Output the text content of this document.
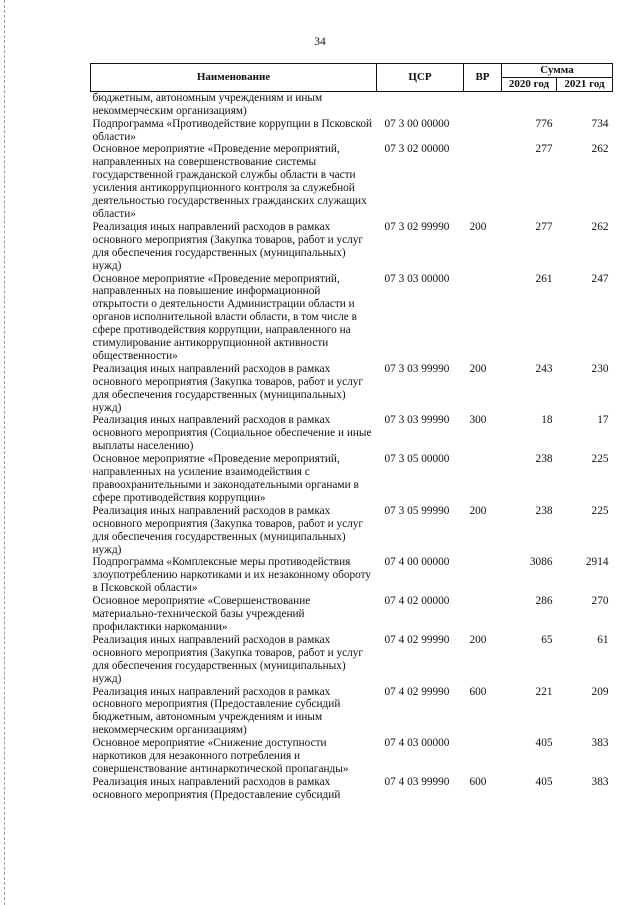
34
Наименование	ЦСР	ВР	Сумма	
			2020 год	2021 год
бюджетным, автономным учреждениям и иным некоммерческим организациям)				
Подпрограмма «Противодействие коррупции в Псковской области»	07 3 00 00000		776	734
Основное мероприятие «Проведение мероприятий, направленных на совершенствование системы государственной гражданской службы области в части усиления антикоррупционного контроля за служебной деятельностью государственных гражданских служащих области»	07 3 02 00000		277	262
Реализация иных направлений расходов в рамках основного мероприятия (Закупка товаров, работ и услуг для обеспечения государственных (муниципальных) нужд)	07 3 02 99990	200	277	262
Основное мероприятие «Проведение мероприятий, направленных на повышение информационной открытости о деятельности Администрации области и органов исполнительной власти области, в том числе в сфере противодействия коррупции, направленного на стимулирование антикоррупционной активности общественности»	07 3 03 00000		261	247
Реализация иных направлений расходов в рамках основного мероприятия (Закупка товаров, работ и услуг для обеспечения государственных (муниципальных) нужд)	07 3 03 99990	200	243	230
Реализация иных направлений расходов в рамках основного мероприятия (Социальное обеспечение и иные выплаты населению)	07 3 03 99990	300	18	17
Основное мероприятие «Проведение мероприятий, направленных на усиление взаимодействия с правоохранительными и законодательными органами в сфере противодействия коррупции»	07 3 05 00000		238	225
Реализация иных направлений расходов в рамках основного мероприятия (Закупка товаров, работ и услуг для обеспечения государственных (муниципальных) нужд)	07 3 05 99990	200	238	225
Подпрограмма «Комплексные меры противодействия злоупотреблению наркотиками и их незаконному обороту в Псковской области»	07 4 00 00000		3086	2914
Основное мероприятие «Совершенствование материально-технической базы учреждений профилактики наркомании»	07 4 02 00000		286	270
Реализация иных направлений расходов в рамках основного мероприятия (Закупка товаров, работ и услуг для обеспечения государственных (муниципальных) нужд)	07 4 02 99990	200	65	61
Реализация иных направлений расходов в рамках основного мероприятия (Предоставление субсидий бюджетным, автономным учреждениям и иным некоммерческим организациям)	07 4 02 99990	600	221	209
Основное мероприятие «Снижение доступности наркотиков для незаконного потребления и совершенствование антинаркотической пропаганды»	07 4 03 00000		405	383
Реализация иных направлений расходов в рамках основного мероприятия (Предоставление субсидий	07 4 03 99990	600	405	383
